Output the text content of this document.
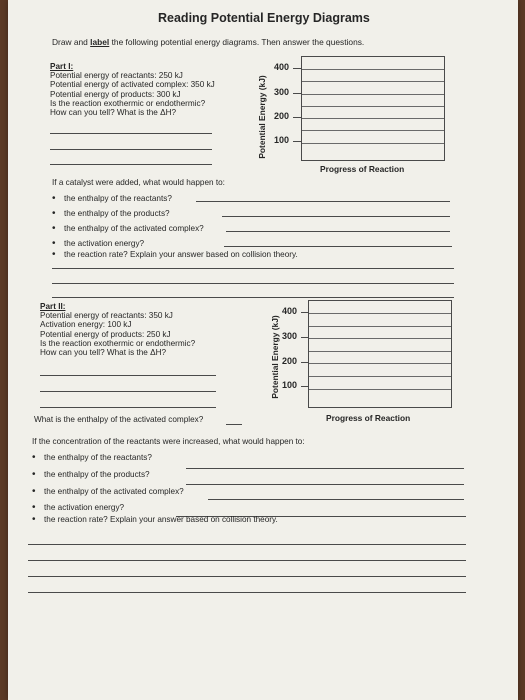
Reading Potential Energy Diagrams
Draw and label the following potential energy diagrams. Then answer the questions.
Part I:
Potential energy of reactants: 250 kJ
Potential energy of activated complex: 350 kJ
Potential energy of products: 300 kJ
Is the reaction exothermic or endothermic?
How can you tell? What is the ΔH?	Potential Energy (kJ)
400
300
200
100
Progress of Reaction
If a catalyst were added, what would happen to:
• the enthalpy of the reactants?
• the enthalpy of the products?
• the enthalpy of the activated complex?
• the activation energy?
• the reaction rate? Explain your answer based on collision theory.
Part II:
Potential energy of reactants: 350 kJ
Activation energy: 100 kJ
Potential energy of products: 250 kJ
Is the reaction exothermic or endothermic?
How can you tell? What is the ΔH?	Potential Energy (kJ)
400
300
200
100
Progress of Reaction
What is the enthalpy of the activated complex?
If the concentration of the reactants were increased, what would happen to:
• the enthalpy of the reactants?
• the enthalpy of the products?
• the enthalpy of the activated complex?
• the activation energy?
• the reaction rate? Explain your answer based on collision theory.
